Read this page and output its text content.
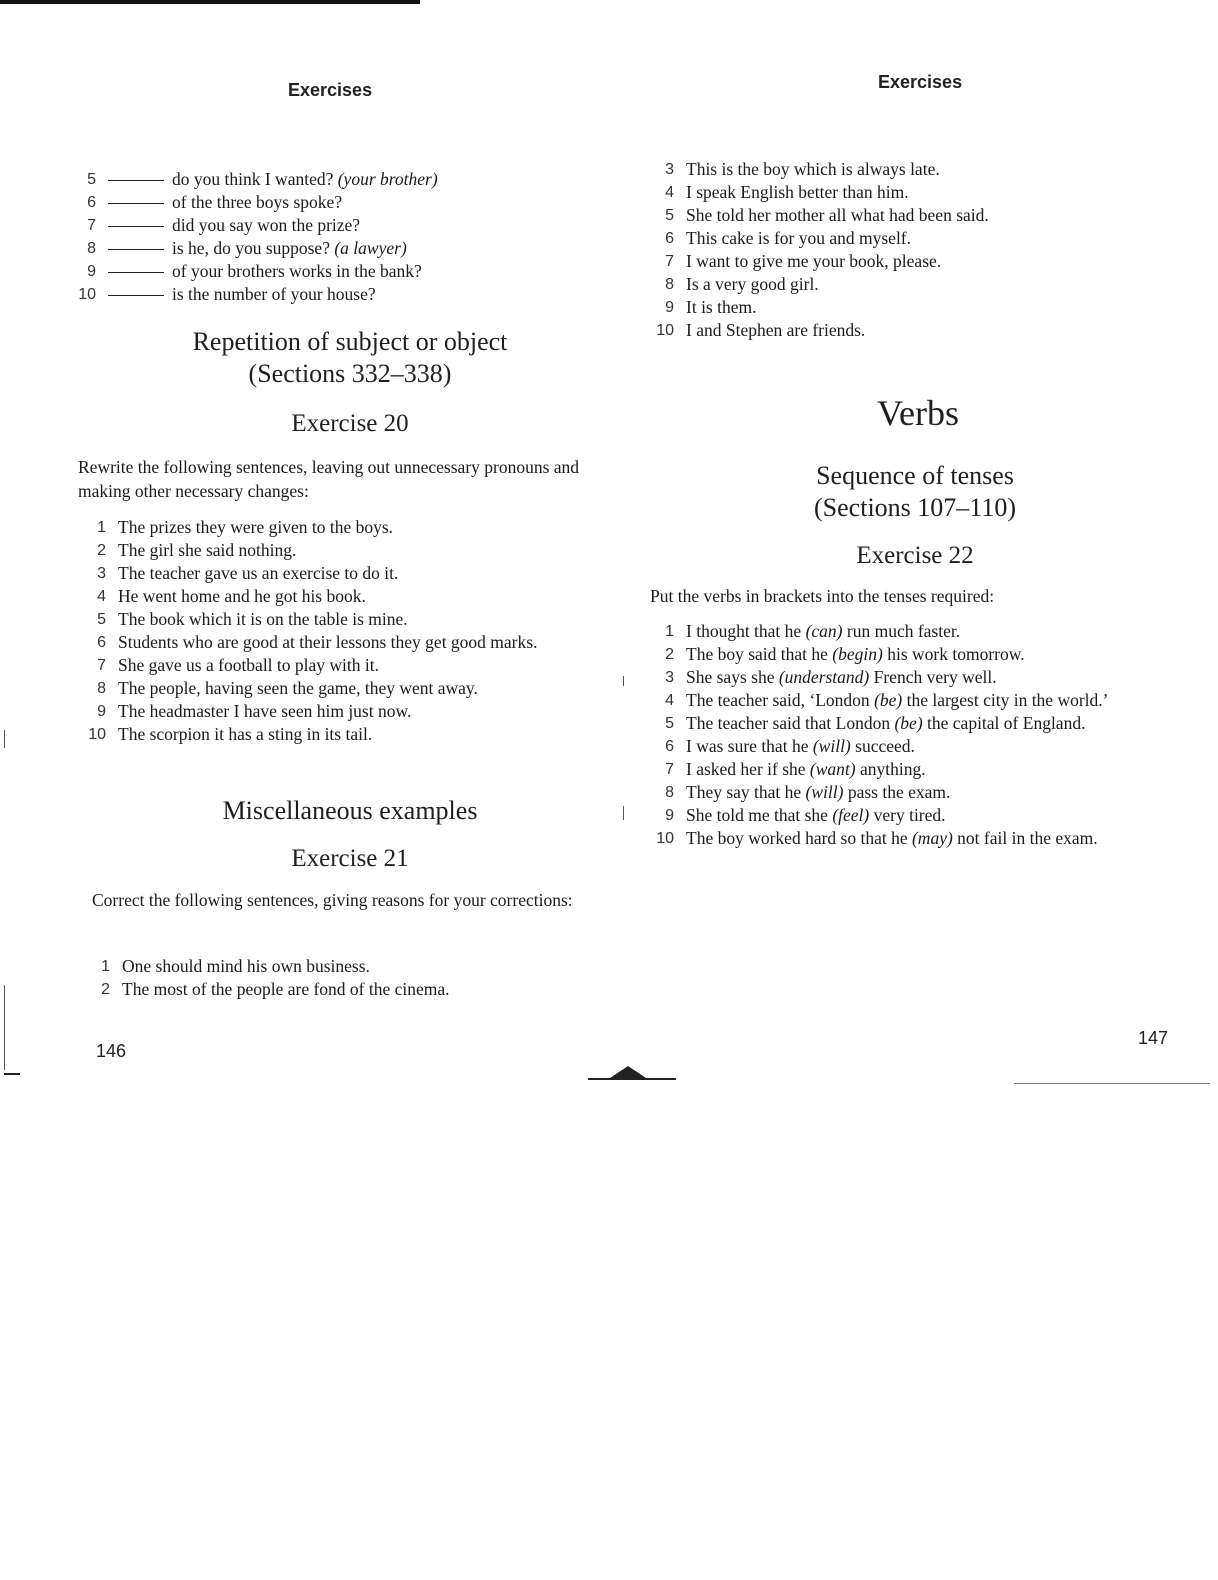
Exercises
5	do you think I wanted? (your brother)
6	of the three boys spoke?
7	did you say won the prize?
8	is he, do you suppose? (a lawyer)
9	of your brothers works in the bank?
10	is the number of your house?
Repetition of subject or object
(Sections 332–338)
Exercise 20
Rewrite the following sentences, leaving out unnecessary pronouns and making other necessary changes:
1 The prizes they were given to the boys.
2 The girl she said nothing.
3 The teacher gave us an exercise to do it.
4 He went home and he got his book.
5 The book which it is on the table is mine.
6 Students who are good at their lessons they get good marks.
7 She gave us a football to play with it.
8 The people, having seen the game, they went away.
9 The headmaster I have seen him just now.
10 The scorpion it has a sting in its tail.
Miscellaneous examples
Exercise 21
Correct the following sentences, giving reasons for your corrections:
1 One should mind his own business.
2 The most of the people are fond of the cinema.
146
Exercises
3 This is the boy which is always late.
4 I speak English better than him.
5 She told her mother all what had been said.
6 This cake is for you and myself.
7 I want to give me your book, please.
8 Is a very good girl.
9 It is them.
10 I and Stephen are friends.
Verbs
Sequence of tenses
(Sections 107–110)
Exercise 22
Put the verbs in brackets into the tenses required:
1 I thought that he (can) run much faster.
2 The boy said that he (begin) his work tomorrow.
3 She says she (understand) French very well.
4 The teacher said, ‘London (be) the largest city in the world.’
5 The teacher said that London (be) the capital of England.
6 I was sure that he (will) succeed.
7 I asked her if she (want) anything.
8 They say that he (will) pass the exam.
9 She told me that she (feel) very tired.
10 The boy worked hard so that he (may) not fail in the exam.
147
